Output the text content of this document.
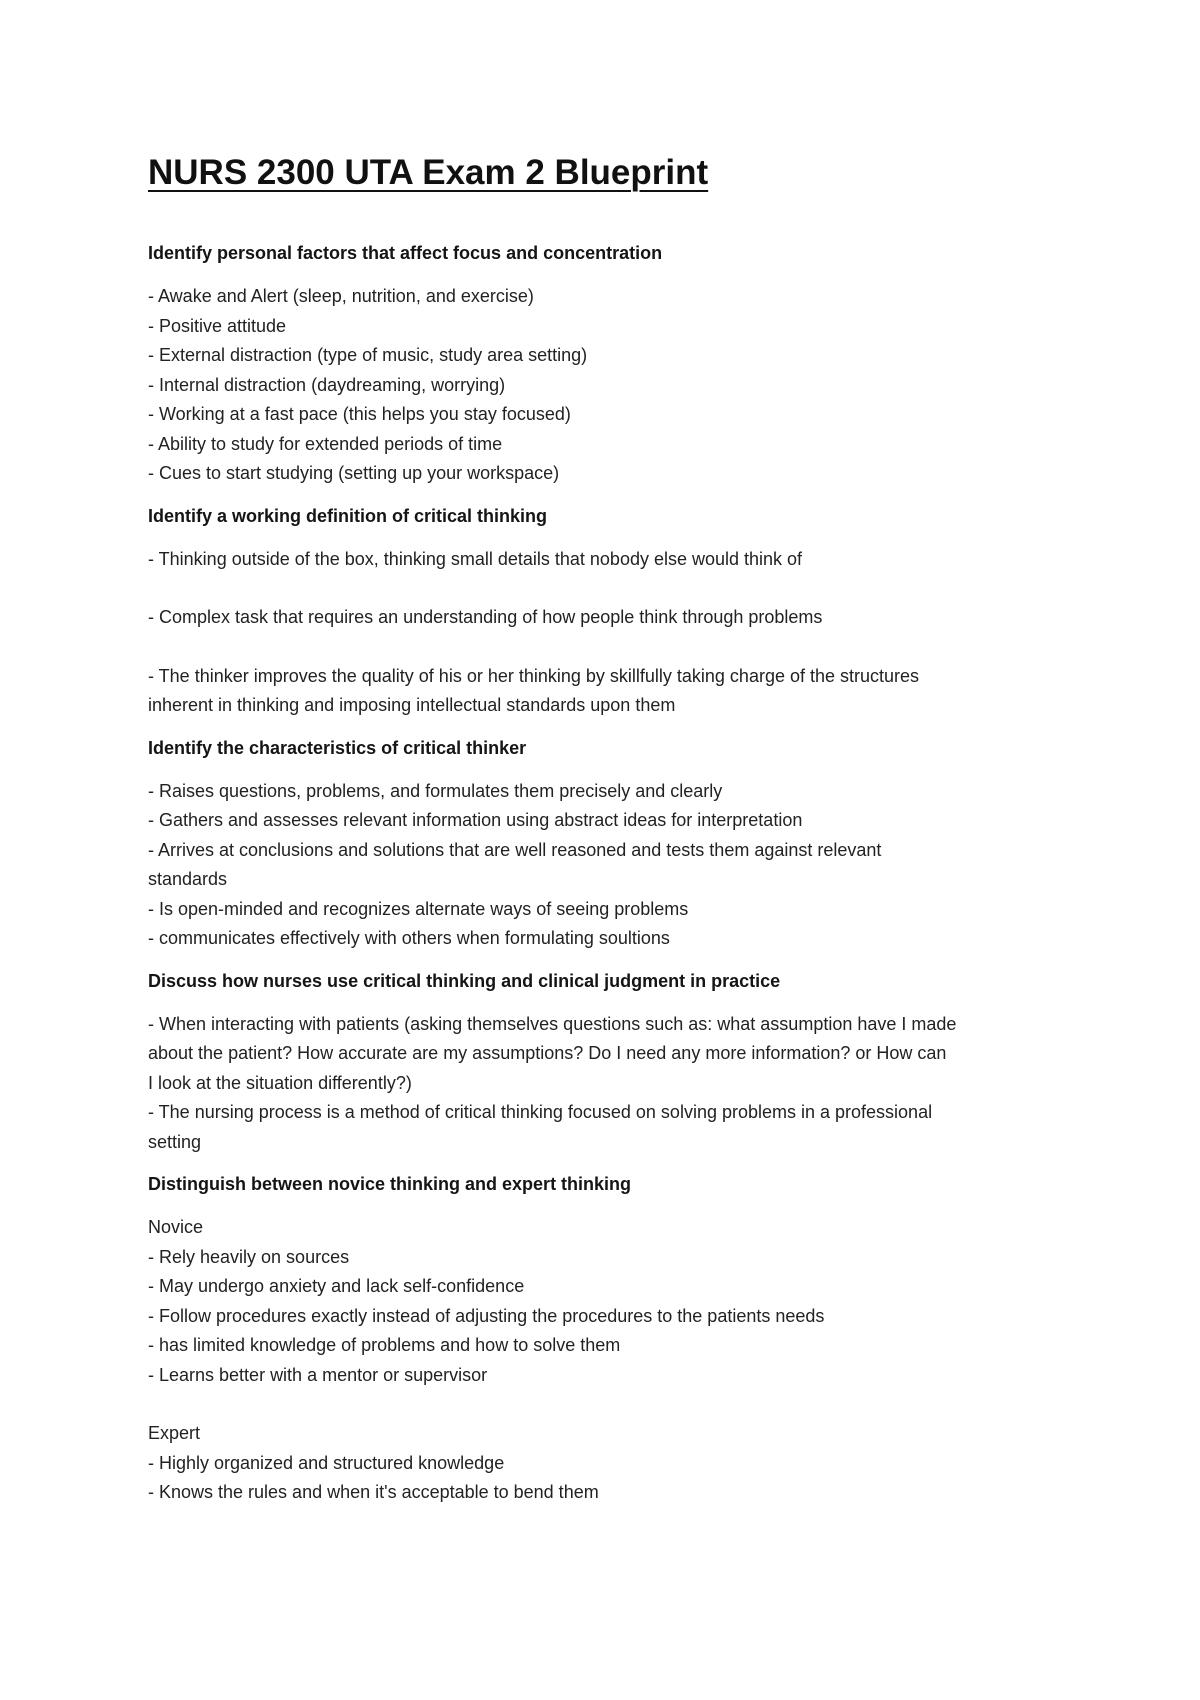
NURS 2300 UTA Exam 2 Blueprint
Identify personal factors that affect focus and concentration

- Awake and Alert (sleep, nutrition, and exercise)

- Positive attitude

- External distraction (type of music, study area setting)

- Internal distraction (daydreaming, worrying)

- Working at a fast pace (this helps you stay focused)

- Ability to study for extended periods of time

- Cues to start studying (setting up your workspace)

Identify a working definition of critical thinking

- Thinking outside of the box, thinking small details that nobody else would think of

- Complex task that requires an understanding of how people think through problems

- The thinker improves the quality of his or her thinking by skillfully taking charge of the structures

inherent in thinking and imposing intellectual standards upon them

Identify the characteristics of critical thinker

- Raises questions, problems, and formulates them precisely and clearly

- Gathers and assesses relevant information using abstract ideas for interpretation

- Arrives at conclusions and solutions that are well reasoned and tests them against relevant

standards

- Is open-minded and recognizes alternate ways of seeing problems

- communicates effectively with others when formulating soultions

Discuss how nurses use critical thinking and clinical judgment in practice

- When interacting with patients (asking themselves questions such as: what assumption have I made

about the patient? How accurate are my assumptions? Do I need any more information? or How can

I look at the situation differently?)

- The nursing process is a method of critical thinking focused on solving problems in a professional

setting

Distinguish between novice thinking and expert thinking

Novice

- Rely heavily on sources

- May undergo anxiety and lack self-confidence

- Follow procedures exactly instead of adjusting the procedures to the patients needs

- has limited knowledge of problems and how to solve them

- Learns better with a mentor or supervisor

Expert

- Highly organized and structured knowledge

- Knows the rules and when it's acceptable to bend them
